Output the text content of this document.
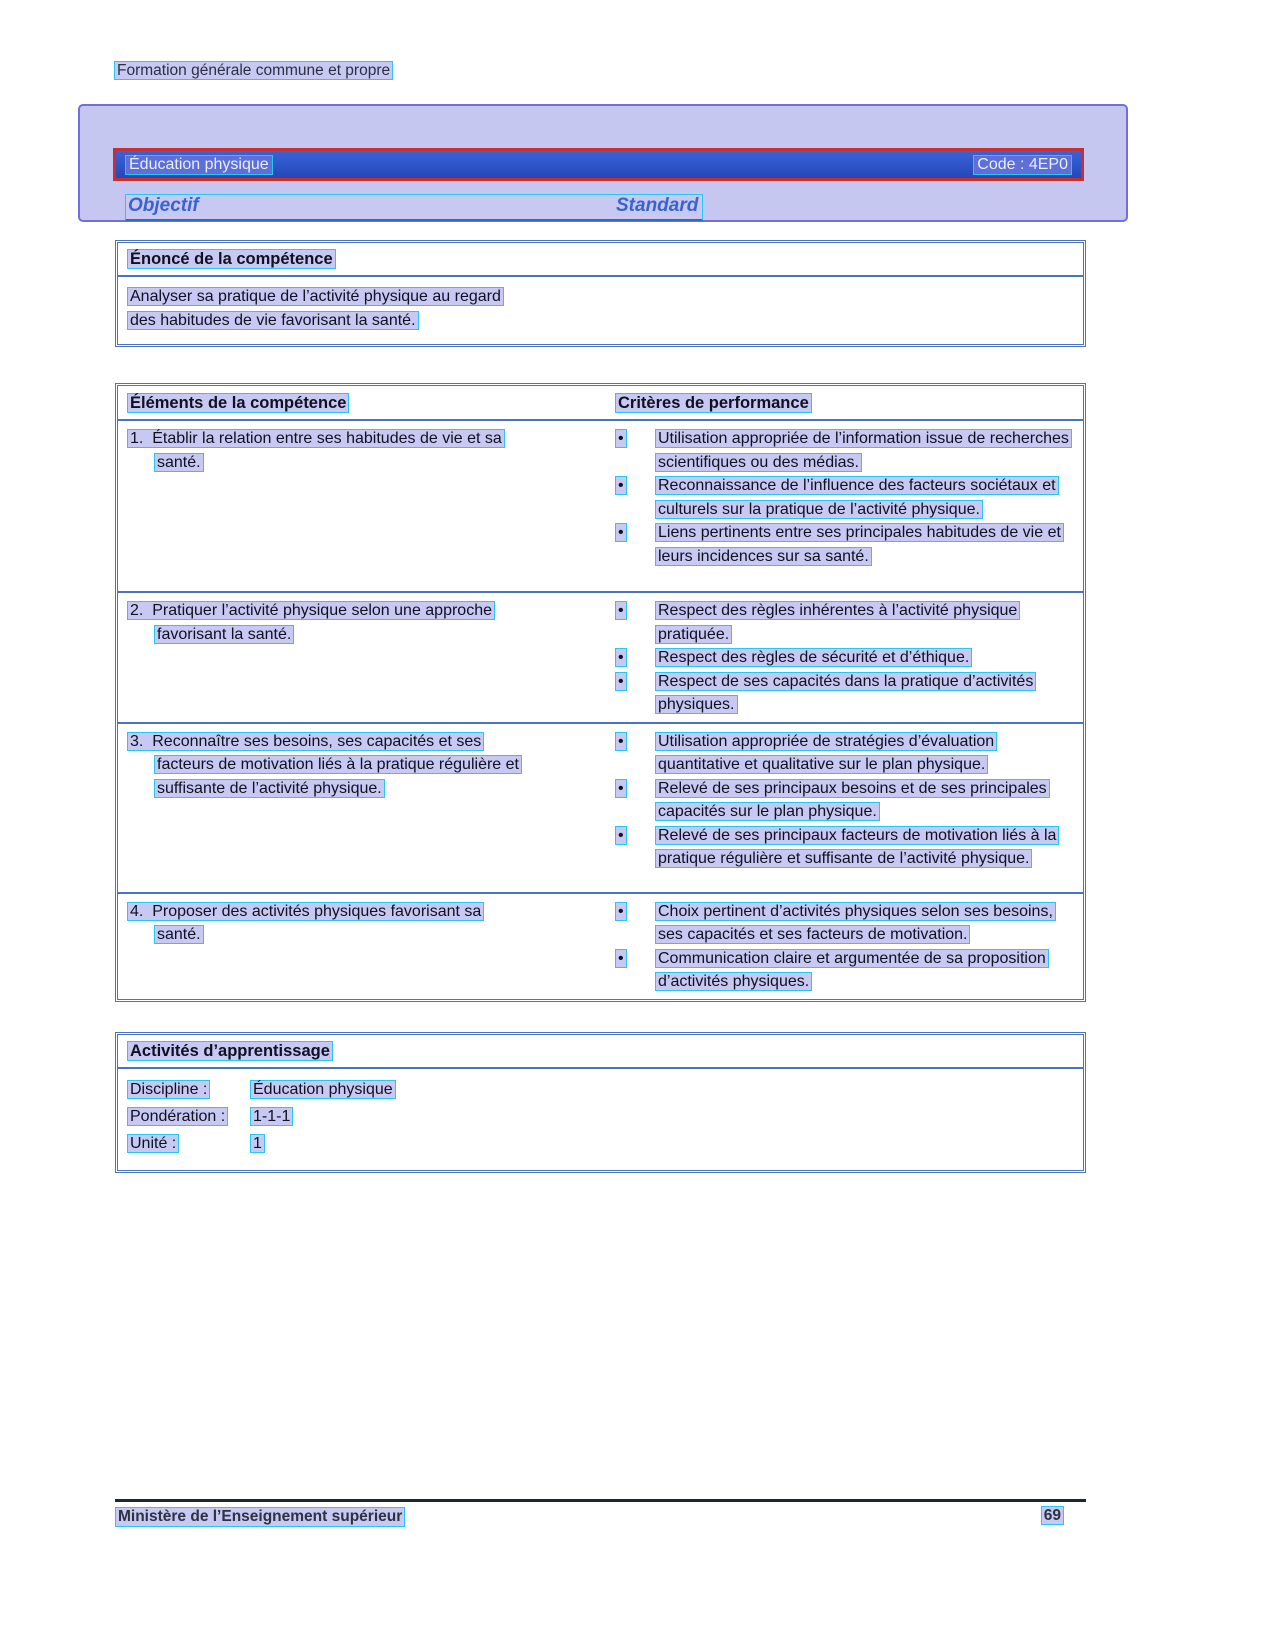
Formation générale commune et propre
Éducation physique	Code : 4EP0
Objectif	Standard
Énoncé de la compétence
Analyser sa pratique de l’activité physique au regard des habitudes de vie favorisant la santé.
Éléments de la compétence	Critères de performance
1. Établir la relation entre ses habitudes de vie et sa santé.
•	Utilisation appropriée de l’information issue de recherches scientifiques ou des médias.
•	Reconnaissance de l’influence des facteurs sociétaux et culturels sur la pratique de l’activité physique.
•	Liens pertinents entre ses principales habitudes de vie et leurs incidences sur sa santé.
2. Pratiquer l’activité physique selon une approche favorisant la santé.
•	Respect des règles inhérentes à l’activité physique pratiquée.
•	Respect des règles de sécurité et d’éthique.
•	Respect de ses capacités dans la pratique d’activités physiques.
3. Reconnaître ses besoins, ses capacités et ses facteurs de motivation liés à la pratique régulière et suffisante de l’activité physique.
•	Utilisation appropriée de stratégies d’évaluation quantitative et qualitative sur le plan physique.
•	Relevé de ses principaux besoins et de ses principales capacités sur le plan physique.
•	Relevé de ses principaux facteurs de motivation liés à la pratique régulière et suffisante de l’activité physique.
4. Proposer des activités physiques favorisant sa santé.
•	Choix pertinent d’activités physiques selon ses besoins, ses capacités et ses facteurs de motivation.
•	Communication claire et argumentée de sa proposition d’activités physiques.
Activités d’apprentissage
Discipline :	Éducation physique
Pondération :	1-1-1
Unité :	1
Ministère de l’Enseignement supérieur	69
